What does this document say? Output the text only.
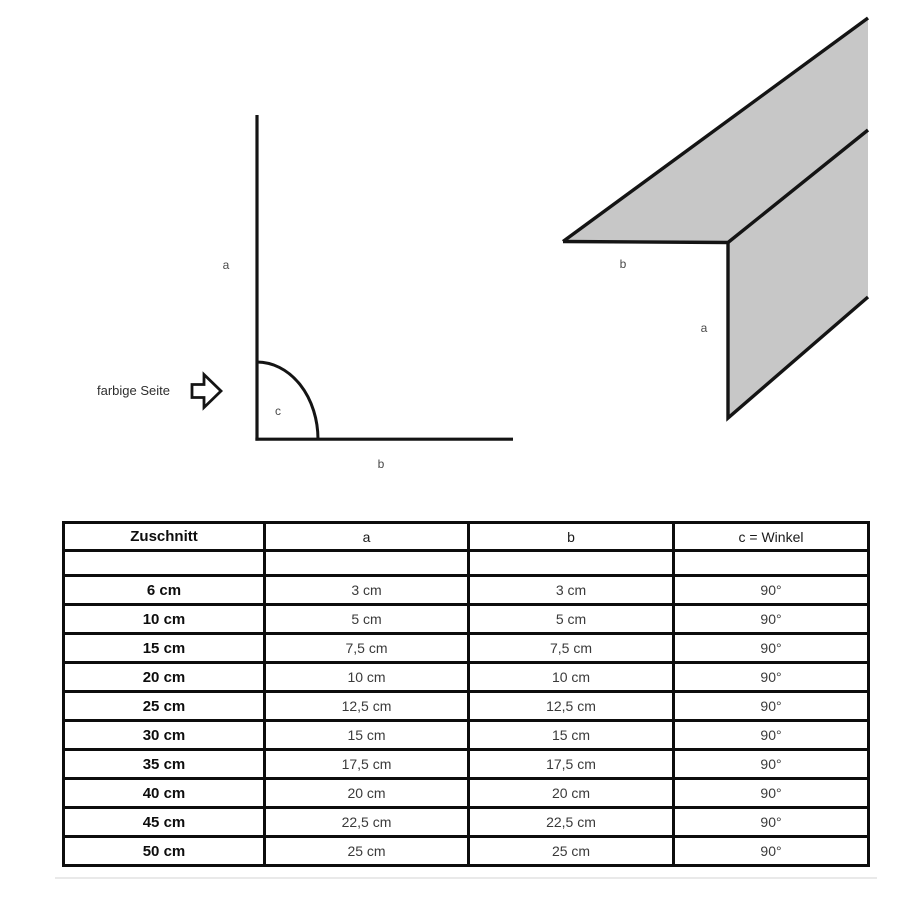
a
c
b
farbige Seite
b
a
Zuschnitt	a	b	c = Winkel

6 cm	3 cm	3 cm	90°
10 cm	5 cm	5 cm	90°
15 cm	7,5 cm	7,5 cm	90°
20 cm	10 cm	10 cm	90°
25 cm	12,5 cm	12,5 cm	90°
30 cm	15 cm	15 cm	90°
35 cm	17,5 cm	17,5 cm	90°
40 cm	20 cm	20 cm	90°
45 cm	22,5 cm	22,5 cm	90°
50 cm	25 cm	25 cm	90°
